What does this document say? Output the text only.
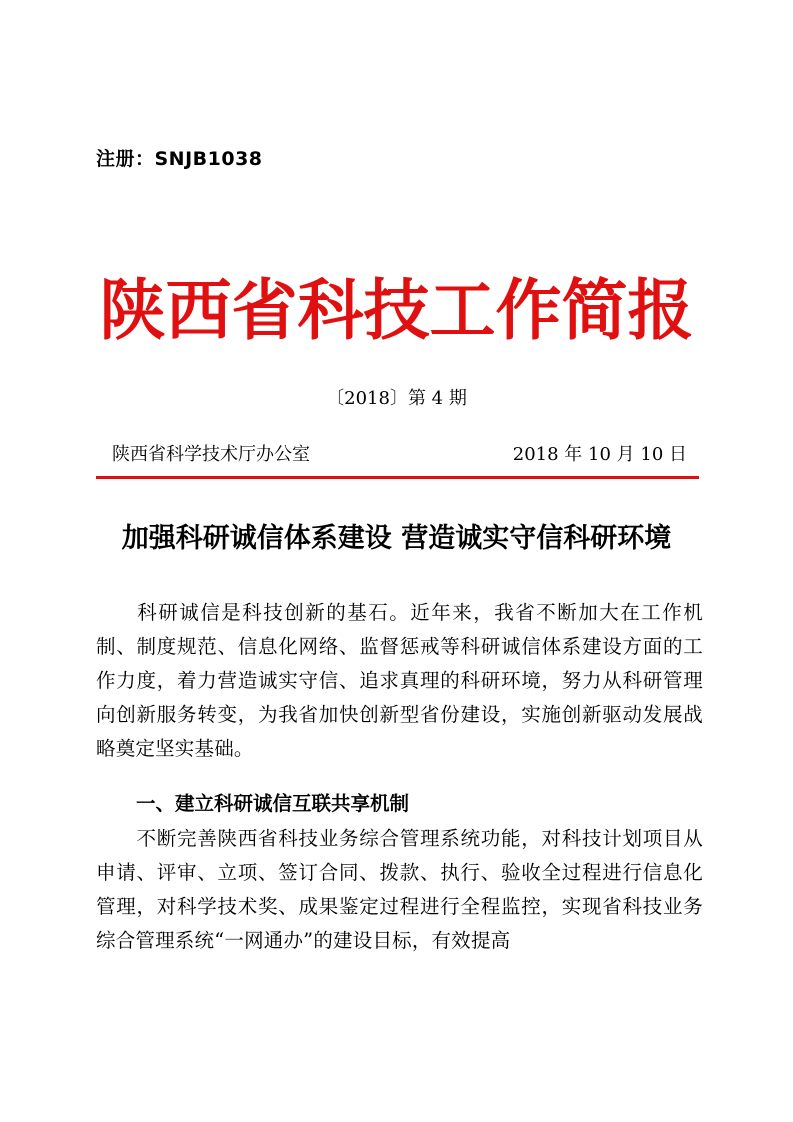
注册：SNJB1038
陕西省科技工作简报
〔2018〕第 4 期
陕西省科学技术厅办公室	2018 年 10 月 10 日
加强科研诚信体系建设 营造诚实守信科研环境
科研诚信是科技创新的基石。近年来，我省不断加大在工作机制、制度规范、信息化网络、监督惩戒等科研诚信体系建设方面的工作力度，着力营造诚实守信、追求真理的科研环境，努力从科研管理向创新服务转变，为我省加快创新型省份建设，实施创新驱动发展战略奠定坚实基础。
一、建立科研诚信互联共享机制
不断完善陕西省科技业务综合管理系统功能，对科技计划项目从申请、评审、立项、签订合同、拨款、执行、验收全过程进行信息化管理，对科学技术奖、成果鉴定过程进行全程监控，实现省科技业务综合管理系统“一网通办”的建设目标，有效提高
